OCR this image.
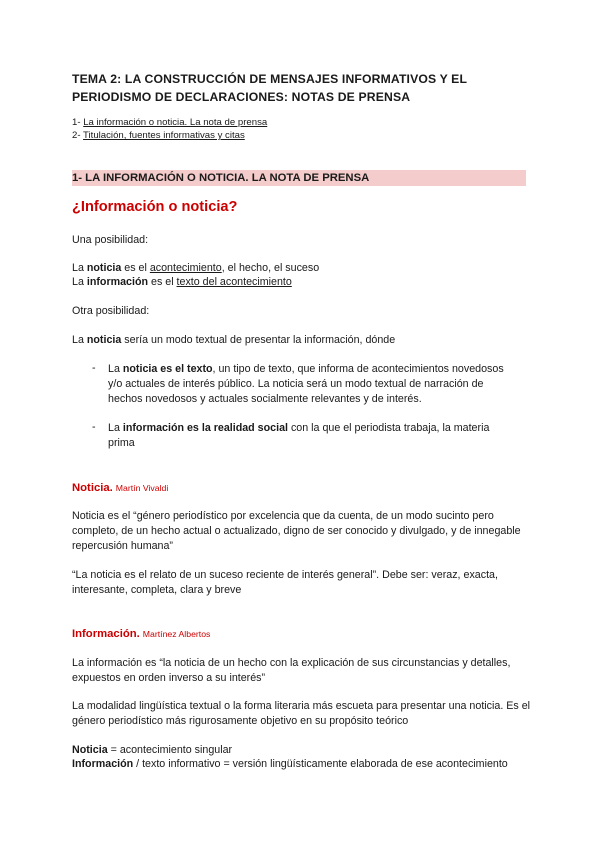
TEMA 2: LA CONSTRUCCIÓN DE MENSAJES INFORMATIVOS Y EL PERIODISMO DE DECLARACIONES: NOTAS DE PRENSA
1- La información o noticia. La nota de prensa
2- Titulación, fuentes informativas y citas
1- LA INFORMACIÓN O NOTICIA. LA NOTA DE PRENSA
¿Información o noticia?
Una posibilidad:
La noticia es el acontecimiento, el hecho, el suceso
La información es el texto del acontecimiento
Otra posibilidad:
La noticia sería un modo textual de presentar la información, dónde
- La noticia es el texto, un tipo de texto, que informa de acontecimientos novedosos y/o actuales de interés público. La noticia será un modo textual de narración de hechos novedosos y actuales socialmente relevantes y de interés.
- La información es la realidad social con la que el periodista trabaja, la materia prima
Noticia. Martín Vivaldi
Noticia es el “género periodístico por excelencia que da cuenta, de un modo sucinto pero completo, de un hecho actual o actualizado, digno de ser conocido y divulgado, y de innegable repercusión humana”
“La noticia es el relato de un suceso reciente de interés general”. Debe ser: veraz, exacta, interesante, completa, clara y breve
Información. Martínez Albertos
La información es “la noticia de un hecho con la explicación de sus circunstancias y detalles, expuestos en orden inverso a su interés”
La modalidad lingüística textual o la forma literaria más escueta para presentar una noticia. Es el género periodístico más rigurosamente objetivo en su propósito teórico
Noticia = acontecimiento singular
Información / texto informativo = versión lingüísticamente elaborada de ese acontecimiento
